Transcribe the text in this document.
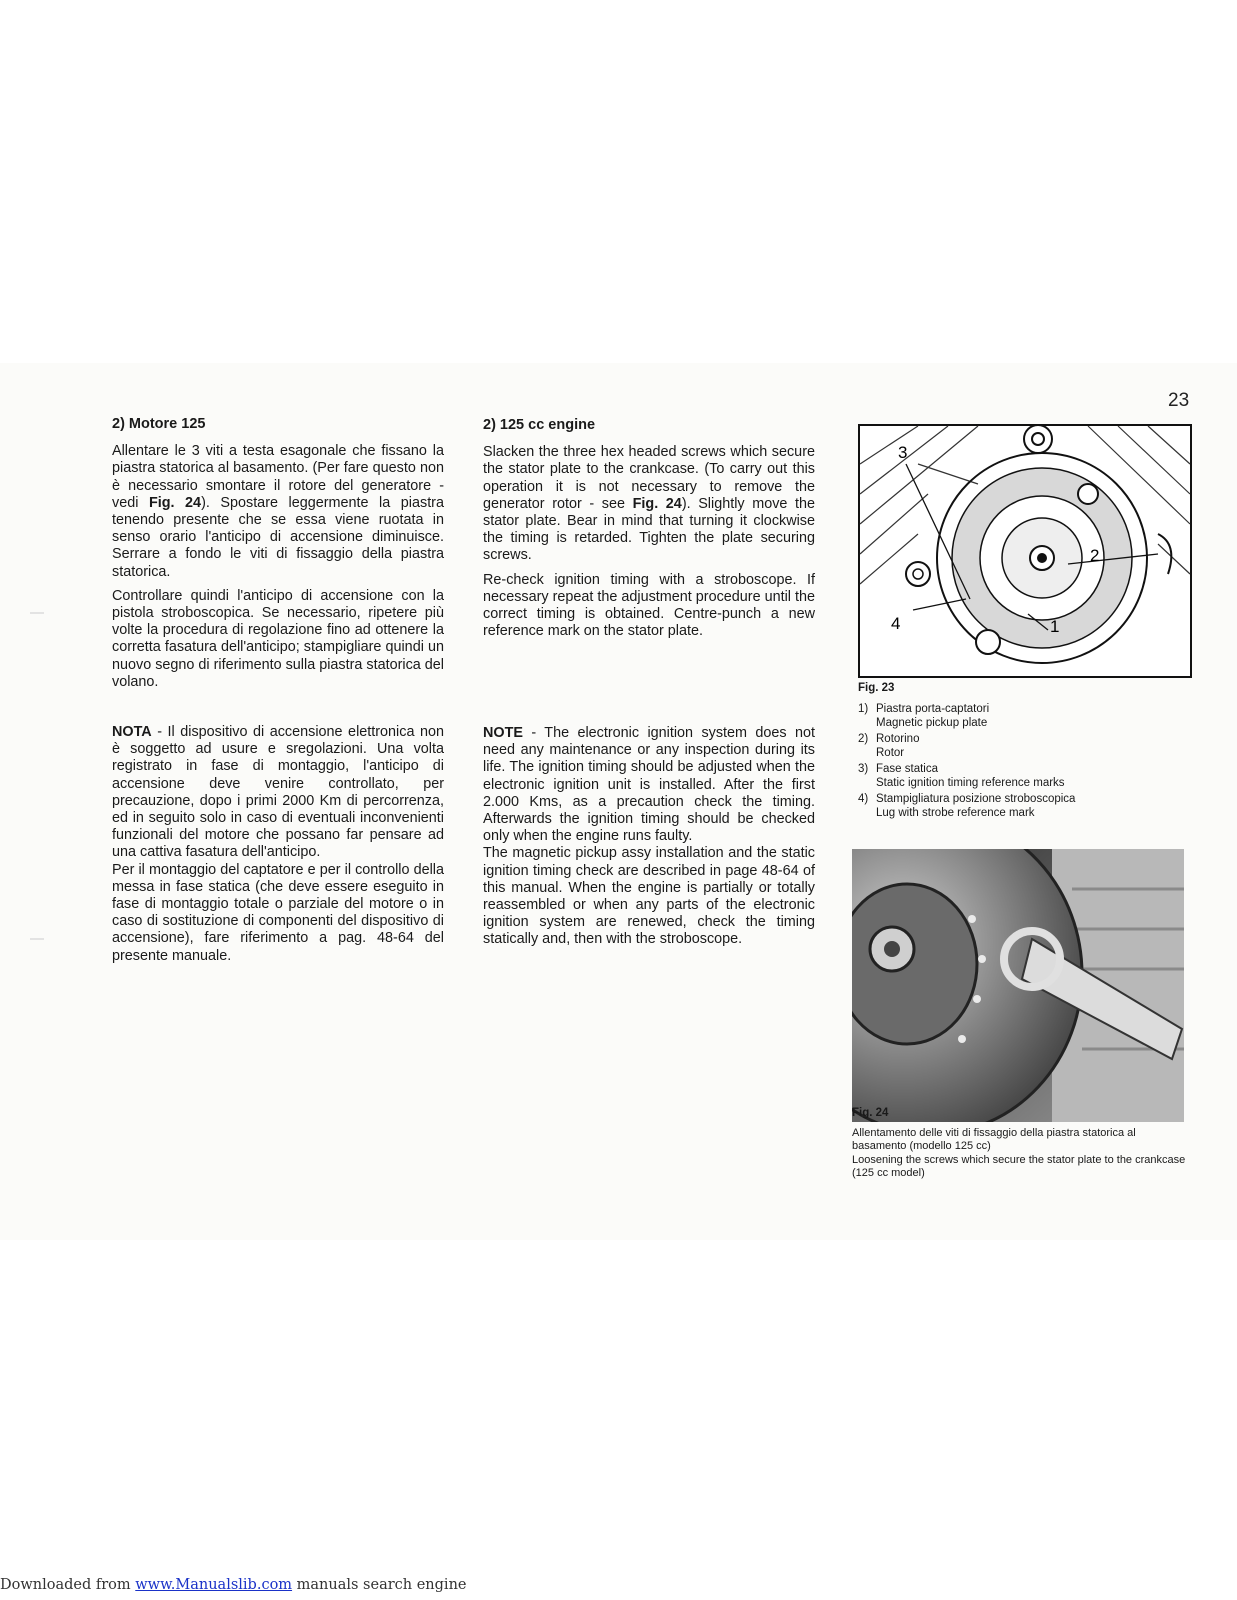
23
2) Motore 125

Allentare le 3 viti a testa esagonale che fissano la piastra statorica al basamento. (Per fare questo non è necessario smontare il rotore del generatore - vedi Fig. 24). Spostare leggermente la piastra tenendo presente che se essa viene ruotata in senso orario l'anticipo di accensione diminuisce. Serrare a fondo le viti di fissaggio della piastra statorica.

Controllare quindi l'anticipo di accensione con la pistola stroboscopica. Se necessario, ripetere più volte la procedura di regolazione fino ad ottenere la corretta fasatura dell'anticipo; stampigliare quindi un nuovo segno di riferimento sulla piastra statorica del volano.

NOTA - Il dispositivo di accensione elettronica non è soggetto ad usure e sregolazioni. Una volta registrato in fase di montaggio, l'anticipo di accensione deve venire controllato, per precauzione, dopo i primi 2000 Km di percorrenza, ed in seguito solo in caso di eventuali inconvenienti funzionali del motore che possano far pensare ad una cattiva fasatura dell'anticipo.

Per il montaggio del captatore e per il controllo della messa in fase statica (che deve essere eseguito in fase di montaggio totale o parziale del motore o in caso di sostituzione di componenti del dispositivo di accensione), fare riferimento a pag. 48-64 del presente manuale.

2) 125 cc engine

Slacken the three hex headed screws which secure the stator plate to the crankcase. (To carry out this operation it is not necessary to remove the generator rotor - see Fig. 24). Slightly move the stator plate. Bear in mind that turning it clockwise the timing is retarded. Tighten the plate securing screws.

Re-check ignition timing with a stroboscope. If necessary repeat the adjustment procedure until the correct timing is obtained. Centre-punch a new reference mark on the stator plate.

NOTE - The electronic ignition system does not need any maintenance or any inspection during its life. The ignition timing should be adjusted when the electronic ignition unit is installed. After the first 2.000 Kms, as a precaution check the timing. Afterwards the ignition timing should be checked only when the engine runs faulty.

The magnetic pickup assy installation and the static ignition timing check are described in page 48-64 of this manual. When the engine is partially or totally reassembled or when any parts of the electronic ignition system are renewed, check the timing statically and, then with the stroboscope.

3
2
1
4
Fig. 23
1) Piastra porta-captatori
Magnetic pickup plate
2) Rotorino
Rotor
3) Fase statica
Static ignition timing reference marks
4) Stampigliatura posizione stroboscopica
Lug with strobe reference mark
Fig. 24
Allentamento delle viti di fissaggio della piastra statorica al basamento (modello 125 cc)
Loosening the screws which secure the stator plate to the crankcase (125 cc model)
Downloaded from www.Manualslib.com manuals search engine
